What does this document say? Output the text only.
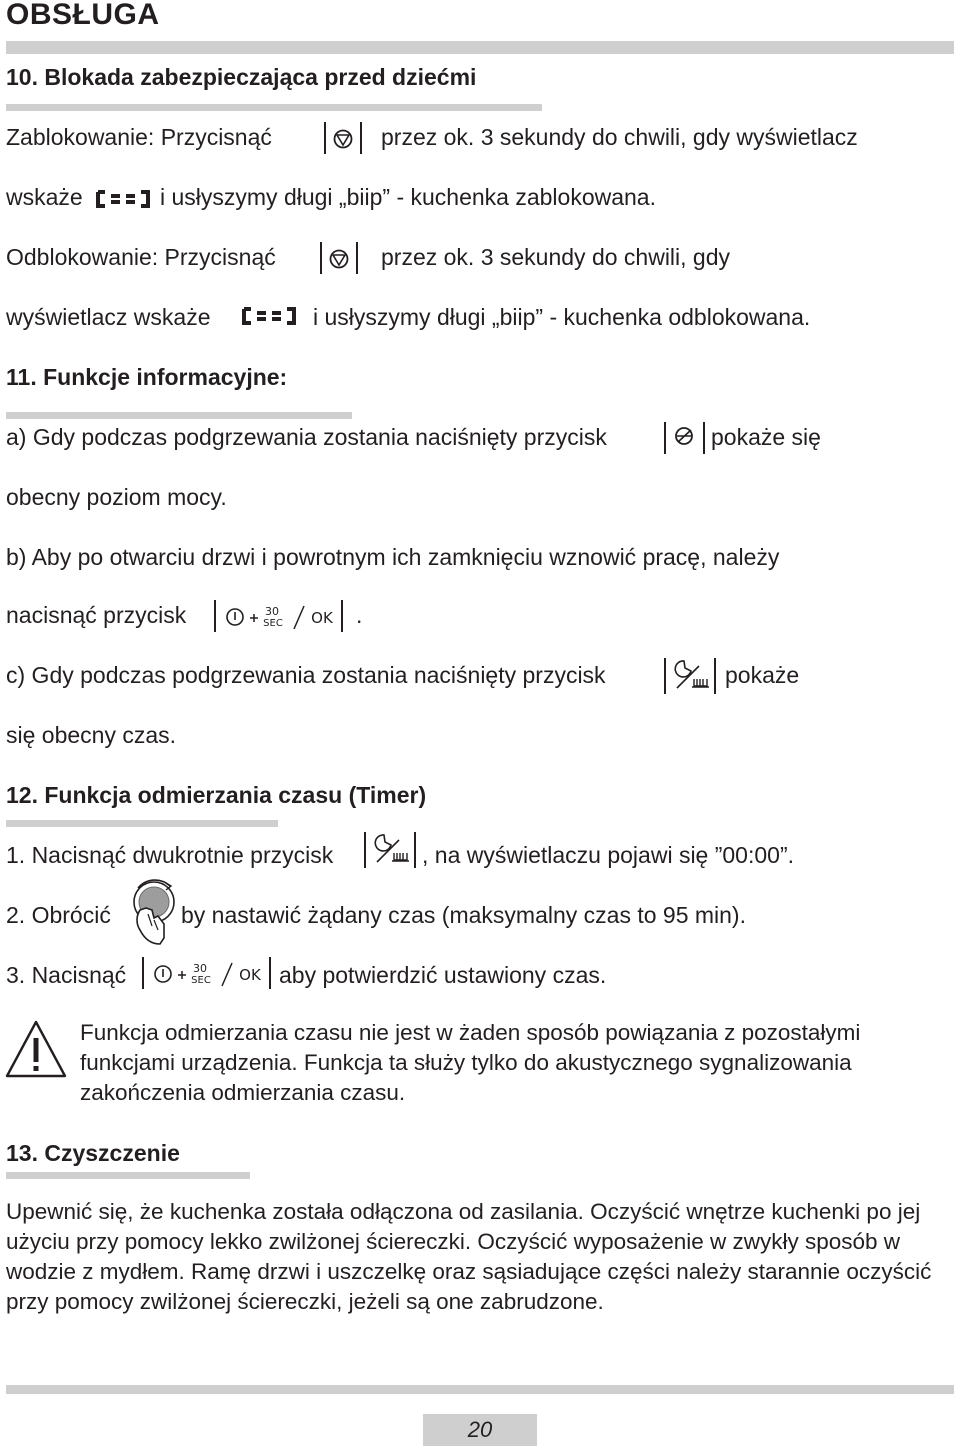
OBSŁUGA
10. Blokada zabezpieczająca przed dziećmi
Zablokowanie: Przycisnąć	przez ok. 3 sekundy do chwili, gdy wyświetlacz
wskaże	i usłyszymy długi „biip” - kuchenka zablokowana.
Odblokowanie: Przycisnąć	przez ok. 3 sekundy do chwili, gdy
wyświetlacz wskaże	i usłyszymy długi „biip” - kuchenka odblokowana.
11. Funkcje informacyjne:
a) Gdy podczas podgrzewania zostania naciśnięty przycisk	pokaże się
obecny poziom mocy.
b) Aby po otwarciu drzwi i powrotnym ich zamknięciu wznowić pracę, należy
nacisnąć przycisk	30
SEC OK .
c) Gdy podczas podgrzewania zostania naciśnięty przycisk	pokaże
się obecny czas.
12. Funkcja odmierzania czasu (Timer)
1. Nacisnąć dwukrotnie przycisk	, na wyświetlaczu pojawi się ”00:00”.
2. Obrócić	by nastawić żądany czas (maksymalny czas to 95 min).
3. Nacisnąć	30
SEC OK aby potwierdzić ustawiony czas.
Funkcja odmierzania czasu nie jest w żaden sposób powiązania z pozostałymi funkcjami urządzenia. Funkcja ta służy tylko do akustycznego sygnalizowania zakończenia odmierzania czasu.
13. Czyszczenie
Upewnić się, że kuchenka została odłączona od zasilania. Oczyścić wnętrze kuchenki po jej użyciu przy pomocy lekko zwilżonej ściereczki. Oczyścić wyposażenie w zwykły sposób w wodzie z mydłem. Ramę drzwi i uszczelkę oraz sąsiadujące części należy starannie oczyścić przy pomocy zwilżonej ściereczki, jeżeli są one zabrudzone.
20
